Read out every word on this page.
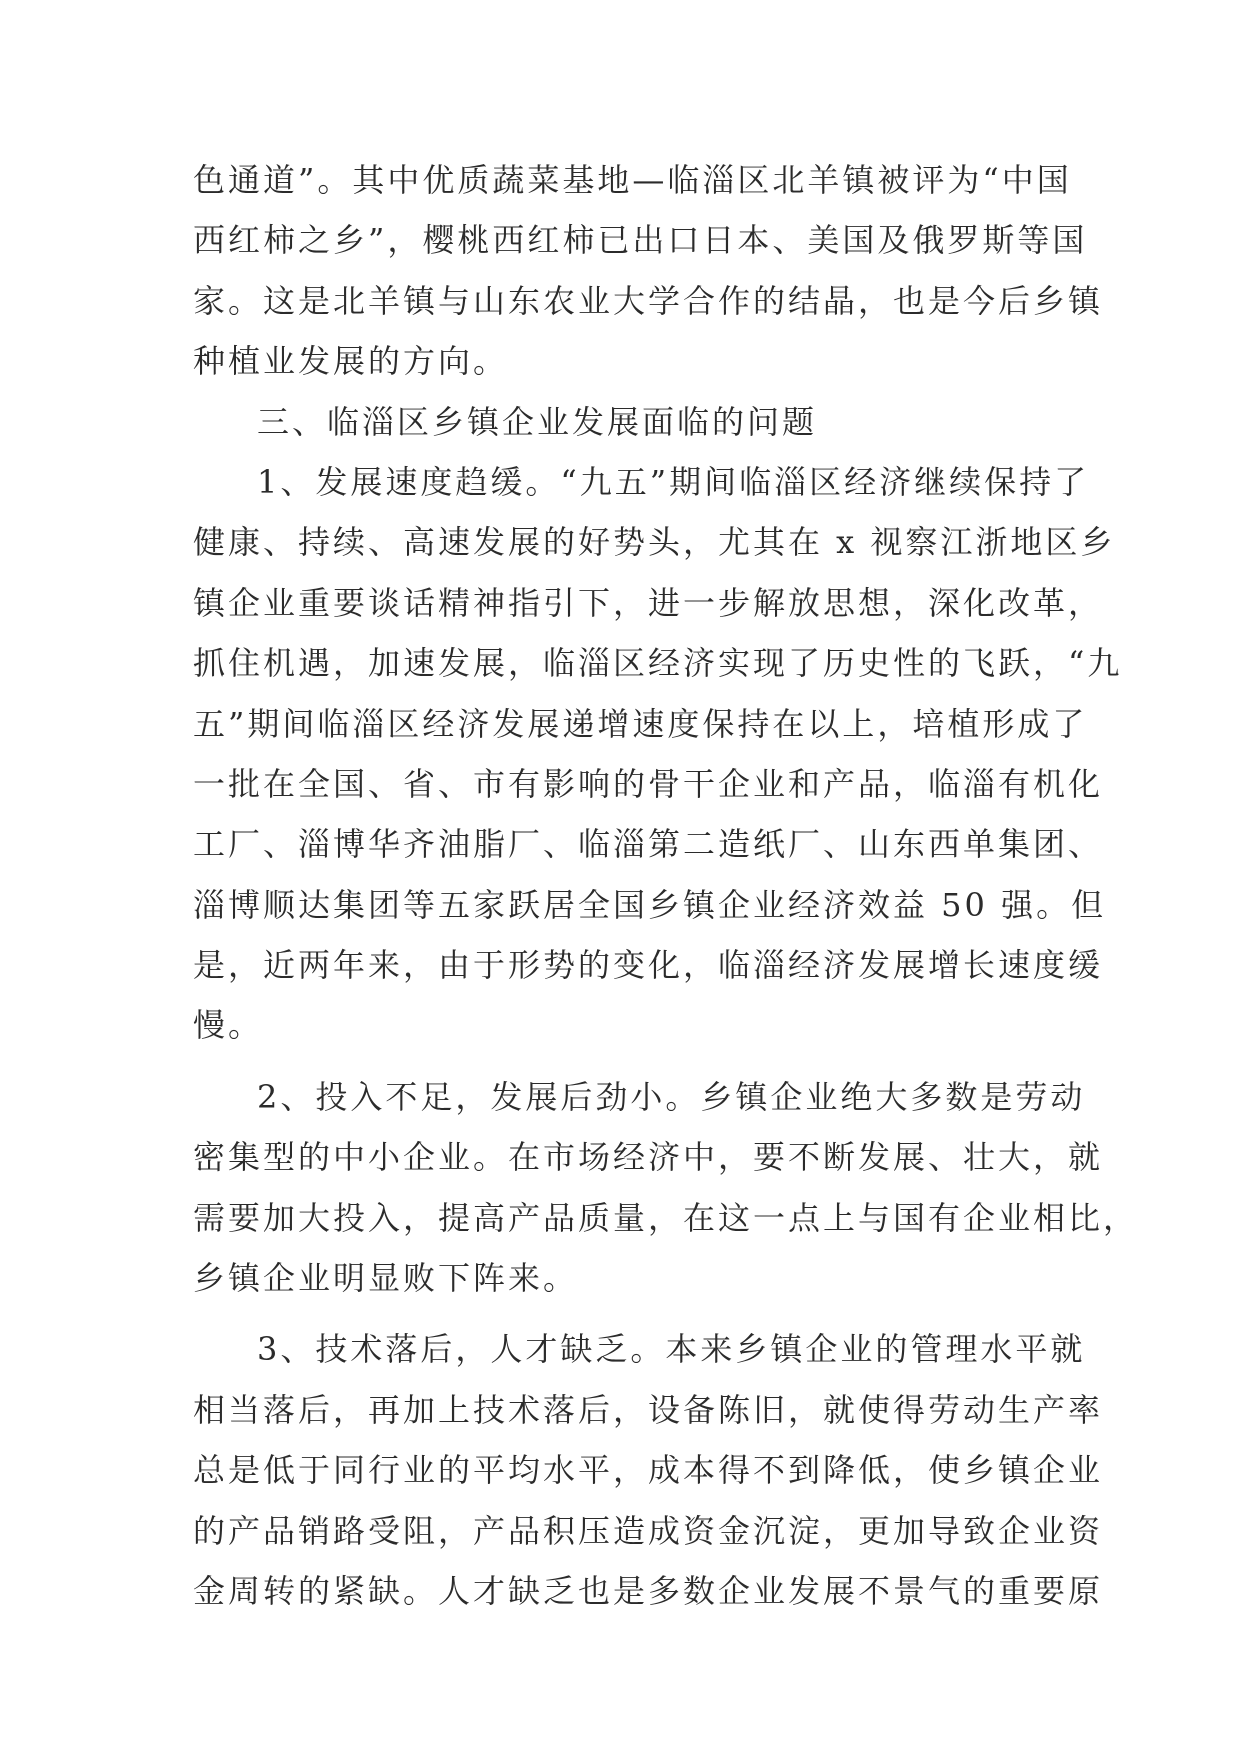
色通道”。其中优质蔬菜基地—临淄区北羊镇被评为“中国
西红柿之乡”，樱桃西红柿已出口日本、美国及俄罗斯等国
家。这是北羊镇与山东农业大学合作的结晶，也是今后乡镇
种植业发展的方向。
三、临淄区乡镇企业发展面临的问题
1、发展速度趋缓。“九五”期间临淄区经济继续保持了
健康、持续、高速发展的好势头，尤其在 x 视察江浙地区乡
镇企业重要谈话精神指引下，进一步解放思想，深化改革，
抓住机遇，加速发展，临淄区经济实现了历史性的飞跃，“九
五”期间临淄区经济发展递增速度保持在以上，培植形成了
一批在全国、省、市有影响的骨干企业和产品，临淄有机化
工厂、淄博华齐油脂厂、临淄第二造纸厂、山东西单集团、
淄博顺达集团等五家跃居全国乡镇企业经济效益 50 强。但
是，近两年来，由于形势的变化，临淄经济发展增长速度缓
慢。
2、投入不足，发展后劲小。乡镇企业绝大多数是劳动
密集型的中小企业。在市场经济中，要不断发展、壮大，就
需要加大投入，提高产品质量，在这一点上与国有企业相比，
乡镇企业明显败下阵来。
3、技术落后，人才缺乏。本来乡镇企业的管理水平就
相当落后，再加上技术落后，设备陈旧，就使得劳动生产率
总是低于同行业的平均水平，成本得不到降低，使乡镇企业
的产品销路受阻，产品积压造成资金沉淀，更加导致企业资
金周转的紧缺。人才缺乏也是多数企业发展不景气的重要原
